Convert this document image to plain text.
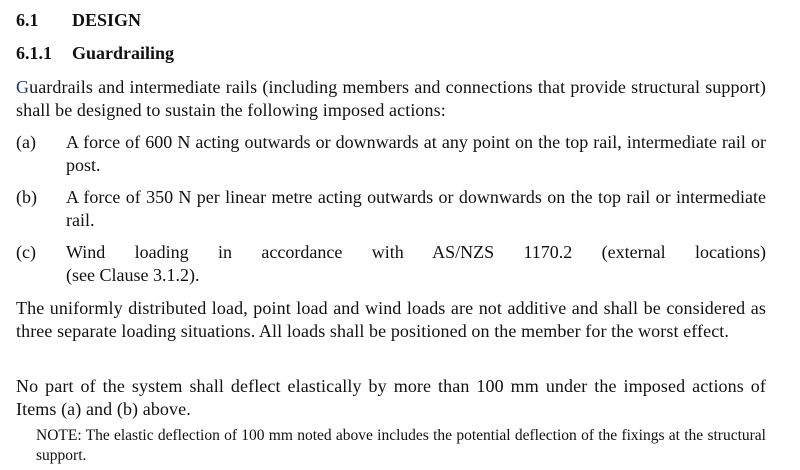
6.1 DESIGN
6.1.1 Guardrailing
Guardrails and intermediate rails (including members and connections that provide structural support) shall be designed to sustain the following imposed actions:
(a)	A force of 600 N acting outwards or downwards at any point on the top rail, intermediate rail or post.
(b)	A force of 350 N per linear metre acting outwards or downwards on the top rail or intermediate rail.
(c)	Wind loading in accordance with AS/NZS 1170.2 (external locations)
(see Clause 3.1.2).
The uniformly distributed load, point load and wind loads are not additive and shall be considered as three separate loading situations. All loads shall be positioned on the member for the worst effect.
No part of the system shall deflect elastically by more than 100 mm under the imposed actions of Items (a) and (b) above.
NOTE: The elastic deflection of 100 mm noted above includes the potential deflection of the fixings at the structural support.
